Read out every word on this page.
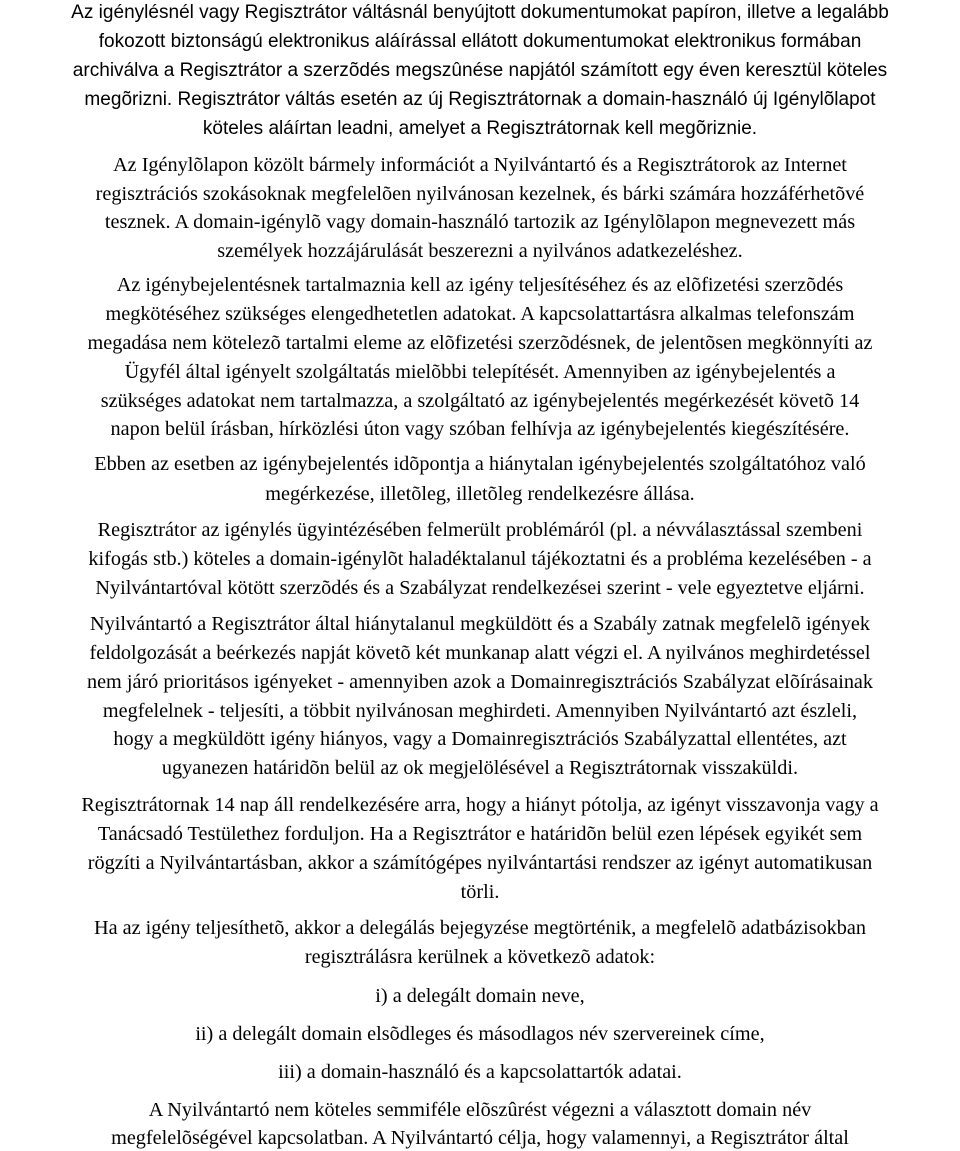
Az igénylésnél vagy Regisztrátor váltásnál benyújtott dokumentumokat papíron, illetve a legalább
fokozott biztonságú elektronikus aláírással ellátott dokumentumokat elektronikus formában
archiválva a Regisztrátor a szerzõdés megszûnése napjától számított egy éven keresztül köteles
megõrizni. Regisztrátor váltás esetén az új Regisztrátornak a domain-használó új Igénylõlapot
köteles aláírtan leadni, amelyet a Regisztrátornak kell megõriznie.
Az Igénylõlapon közölt bármely információt a Nyilvántartó és a Regisztrátorok az Internet
regisztrációs szokásoknak megfelelõen nyilvánosan kezelnek, és bárki számára hozzáférhetõvé
tesznek. A domain-igénylõ vagy domain-használó tartozik az Igénylõlapon megnevezett más
személyek hozzájárulását beszerezni a nyilvános adatkezeléshez.
Az igénybejelentésnek tartalmaznia kell az igény teljesítéséhez és az elõfizetési szerzõdés
megkötéséhez szükséges elengedhetetlen adatokat. A kapcsolattartásra alkalmas telefonszám
megadása nem kötelezõ tartalmi eleme az elõfizetési szerzõdésnek, de jelentõsen megkönnyíti az
Ügyfél által igényelt szolgáltatás mielõbbi telepítését. Amennyiben az igénybejelentés a
szükséges adatokat nem tartalmazza, a szolgáltató az igénybejelentés megérkezését követõ 14
napon belül írásban, hírközlési úton vagy szóban felhívja az igénybejelentés kiegészítésére.
Ebben az esetben az igénybejelentés idõpontja a hiánytalan igénybejelentés szolgáltatóhoz való
megérkezése, illetõleg, illetõleg rendelkezésre állása.
Regisztrátor az igénylés ügyintézésében felmerült problémáról (pl. a névválasztással szembeni
kifogás stb.) köteles a domain-igénylõt haladéktalanul tájékoztatni és a probléma kezelésében - a
Nyilvántartóval kötött szerzõdés és a Szabályzat rendelkezései szerint - vele egyeztetve eljárni.
Nyilvántartó a Regisztrátor által hiánytalanul megküldött és a Szabály zatnak megfelelõ igények
feldolgozását a beérkezés napját követõ két munkanap alatt végzi el. A nyilvános meghirdetéssel
nem járó prioritásos igényeket - amennyiben azok a Domainregisztrációs Szabályzat elõírásainak
megfelelnek - teljesíti, a többit nyilvánosan meghirdeti. Amennyiben Nyilvántartó azt észleli,
hogy a megküldött igény hiányos, vagy a Domainregisztrációs Szabályzattal ellentétes, azt
ugyanezen határidõn belül az ok megjelölésével a Regisztrátornak visszaküldi.
Regisztrátornak 14 nap áll rendelkezésére arra, hogy a hiányt pótolja, az igényt visszavonja vagy a
Tanácsadó Testülethez forduljon. Ha a Regisztrátor e határidõn belül ezen lépések egyikét sem
rögzíti a Nyilvántartásban, akkor a számítógépes nyilvántartási rendszer az igényt automatikusan
törli.
Ha az igény teljesíthetõ, akkor a delegálás bejegyzése megtörténik, a megfelelõ adatbázisokban
regisztrálásra kerülnek a következõ adatok:
i) a delegált domain neve,
ii) a delegált domain elsõdleges és másodlagos név szervereinek címe,
iii) a domain-használó és a kapcsolattartók adatai.
A Nyilvántartó nem köteles semmiféle elõszûrést végezni a választott domain név
megfelelõségével kapcsolatban. A Nyilvántartó célja, hogy valamennyi, a Regisztrátor által
